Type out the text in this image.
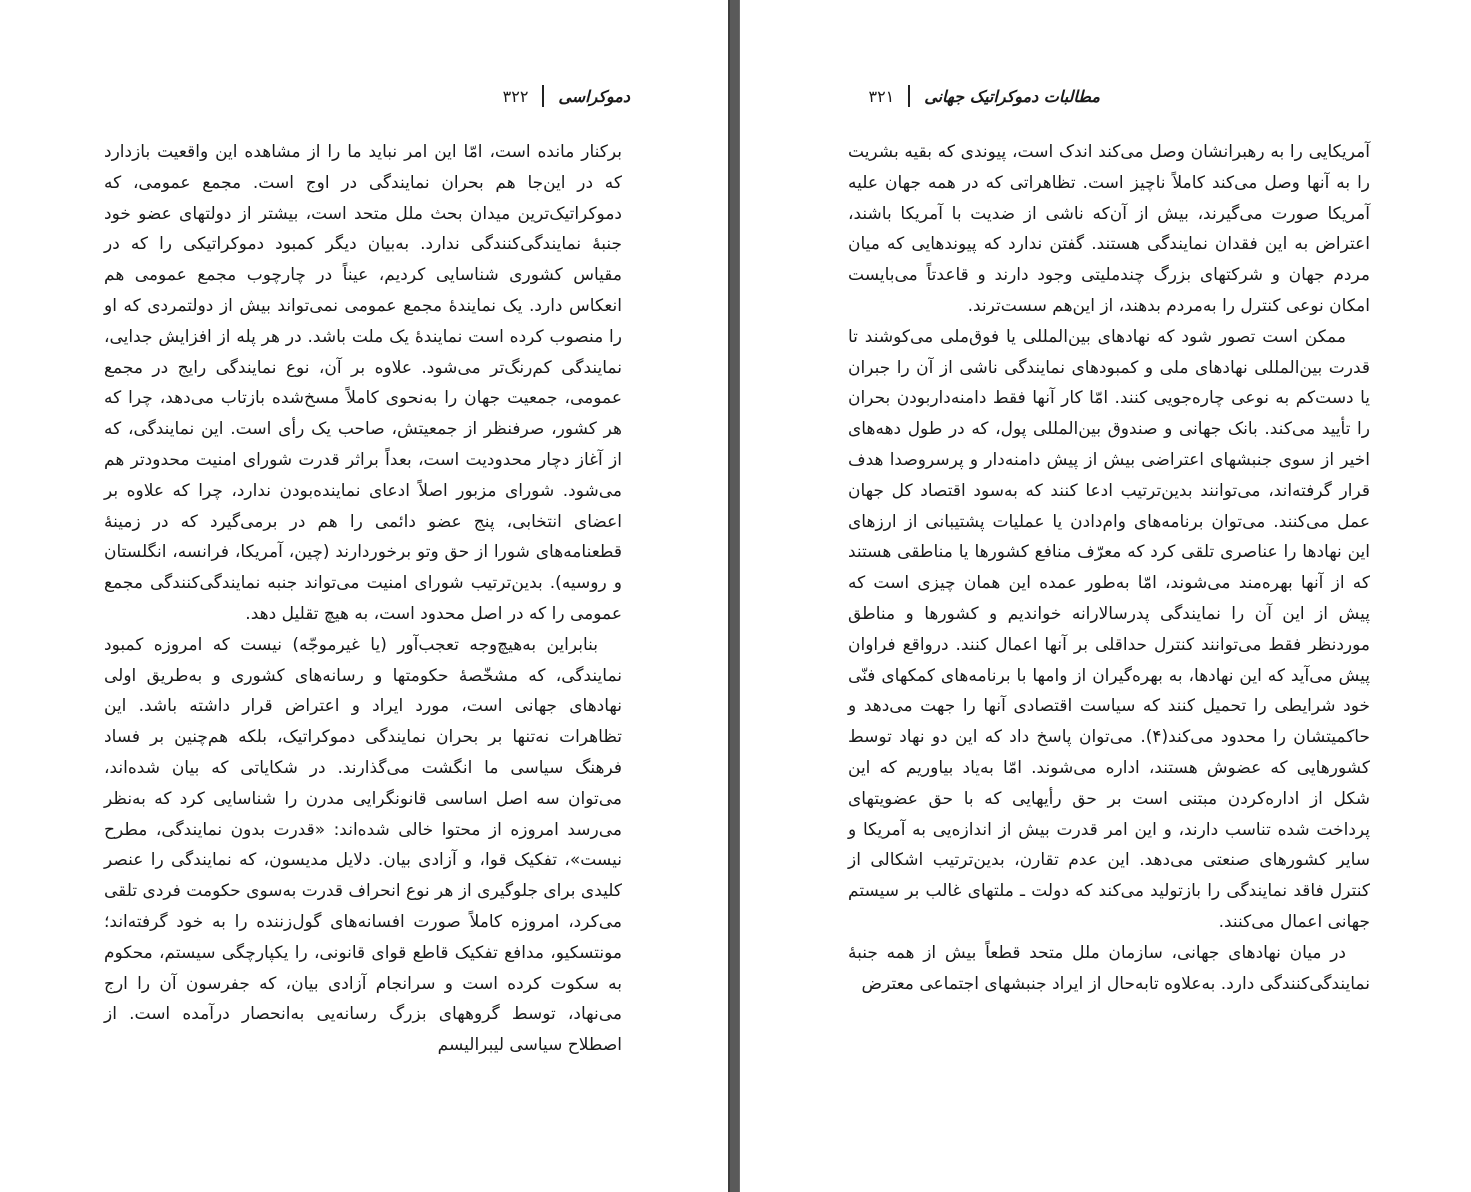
دموکراسی
۳۲۲

برکنار مانده است، امّا این امر نباید ما را از مشاهده این واقعیت بازدارد که در این‌جا هم بحران نمایندگی در اوج است. مجمع عمومی، که دموکراتیک‌ترین میدان بحث ملل متحد است، بیشتر از دولتهای عضو خود جنبهٔ نمایندگی‌کنندگی ندارد. به‌بیان دیگر کمبود دموکراتیکی را که در مقیاس کشوری شناسایی کردیم، عیناً در چارچوب مجمع عمومی هم انعکاس دارد. یک نمایندهٔ مجمع عمومی نمی‌تواند بیش از دولتمردی که او را منصوب کرده است نمایندهٔ یک ملت باشد. در هر پله از افزایش جدایی، نمایندگی کم‌رنگ‌تر می‌شود. علاوه بر آن، نوع نمایندگی رایج در مجمع عمومی، جمعیت جهان را به‌نحوی کاملاً مسخ‌شده بازتاب می‌دهد، چرا که هر کشور، صرفنظر از جمعیتش، صاحب یک رأی است. این نمایندگی، که از آغاز دچار محدودیت است، بعداً براثر قدرت شورای امنیت محدودتر هم می‌شود. شورای مزبور اصلاً ادعای نماینده‌بودن ندارد، چرا که علاوه بر اعضای انتخابی، پنج عضو دائمی را هم در برمی‌گیرد که در زمینهٔ قطعنامه‌های شورا از حق وتو برخوردارند (چین، آمریکا، فرانسه، انگلستان و روسیه). بدین‌ترتیب شورای امنیت می‌تواند جنبه نمایندگی‌کنندگی مجمع عمومی را که در اصل محدود است، به هیچ تقلیل دهد.

بنابراین به‌هیچ‌وجه تعجب‌آور (یا غیرموجّه) نیست که امروزه کمبود نمایندگی، که مشخّصهٔ حکومتها و رسانه‌های کشوری و به‌طریق اولی نهادهای جهانی است، مورد ایراد و اعتراض قرار داشته باشد. این تظاهرات نه‌تنها بر بحران نمایندگی دموکراتیک، بلکه هم‌چنین بر فساد فرهنگ سیاسی ما انگشت می‌گذارند. در شکایاتی که بیان شده‌اند، می‌توان سه اصل اساسی قانونگرایی مدرن را شناسایی کرد که به‌نظر می‌رسد امروزه از محتوا خالی شده‌اند: «قدرت بدون نمایندگی، مطرح نیست»، تفکیک قوا، و آزادی بیان. دلایل مدیسون، که نمایندگی را عنصر کلیدی برای جلوگیری از هر نوع انحراف قدرت به‌سوی حکومت فردی تلقی می‌کرد، امروزه کاملاً صورت افسانه‌های گول‌زننده را به خود گرفته‌اند؛ مونتسکیو، مدافع تفکیک قاطع قوای قانونی، را یکپارچگی سیستم، محکوم به سکوت کرده است و سرانجام آزادی بیان، که جفرسون آن را ارج می‌نهاد، توسط گروههای بزرگ رسانه‌یی به‌انحصار درآمده است. از اصطلاح سیاسی لیبرالیسم

مطالبات دموکراتیک جهانی
۳۲۱

آمریکایی را به رهبرانشان وصل می‌کند اندک است، پیوندی که بقیه بشریت را به آنها وصل می‌کند کاملاً ناچیز است. تظاهراتی که در همه جهان علیه آمریکا صورت می‌گیرند، بیش از آن‌که ناشی از ضدیت با آمریکا باشند، اعتراض به این فقدان نمایندگی هستند. گفتن ندارد که پیوندهایی که میان مردم جهان و شرکتهای بزرگ چندملیتی وجود دارند و قاعدتاً می‌بایست امکان نوعی کنترل را به‌مردم بدهند، از این‌هم سست‌ترند.

ممکن است تصور شود که نهادهای بین‌المللی یا فوق‌ملی می‌کوشند تا قدرت بین‌المللی نهادهای ملی و کمبودهای نمایندگی ناشی از آن را جبران یا دست‌کم به نوعی چاره‌جویی کنند. امّا کار آنها فقط دامنه‌داربودن بحران را تأیید می‌کند. بانک جهانی و صندوق بین‌المللی پول، که در طول دهه‌های اخیر از سوی جنبشهای اعتراضی بیش از پیش دامنه‌دار و پرسروصدا هدف قرار گرفته‌اند، می‌توانند بدین‌ترتیب ادعا کنند که به‌سود اقتصاد کل جهان عمل می‌کنند. می‌توان برنامه‌های وام‌دادن یا عملیات پشتیبانی از ارزهای این نهادها را عناصری تلقی کرد که معرّف منافع کشورها یا مناطقی هستند که از آنها بهره‌مند می‌شوند، امّا به‌طور عمده این همان چیزی است که پیش از این آن را نمایندگی پدرسالارانه خواندیم و کشورها و مناطق موردنظر فقط می‌توانند کنترل حداقلی بر آنها اعمال کنند. درواقع فراوان پیش می‌آید که این نهادها، به بهره‌گیران از وامها با برنامه‌های کمکهای فنّی خود شرایطی را تحمیل کنند که سیاست اقتصادی آنها را جهت می‌دهد و حاکمیتشان را محدود می‌کند(۴). می‌توان پاسخ داد که این دو نهاد توسط کشورهایی که عضوش هستند، اداره می‌شوند. امّا به‌یاد بیاوریم که این شکل از اداره‌کردن مبتنی است بر حق رأیهایی که با حق عضویتهای پرداخت شده تناسب دارند، و این امر قدرت بیش از اندازه‌یی به آمریکا و سایر کشورهای صنعتی می‌دهد. این عدم تقارن، بدین‌ترتیب اشکالی از کنترل فاقد نمایندگی را بازتولید می‌کند که دولت ـ ملتهای غالب بر سیستم جهانی اعمال می‌کنند.

در میان نهادهای جهانی، سازمان ملل متحد قطعاً بیش از همه جنبهٔ نمایندگی‌کنندگی دارد. به‌علاوه تابه‌حال از ایراد جنبشهای اجتماعی معترض
